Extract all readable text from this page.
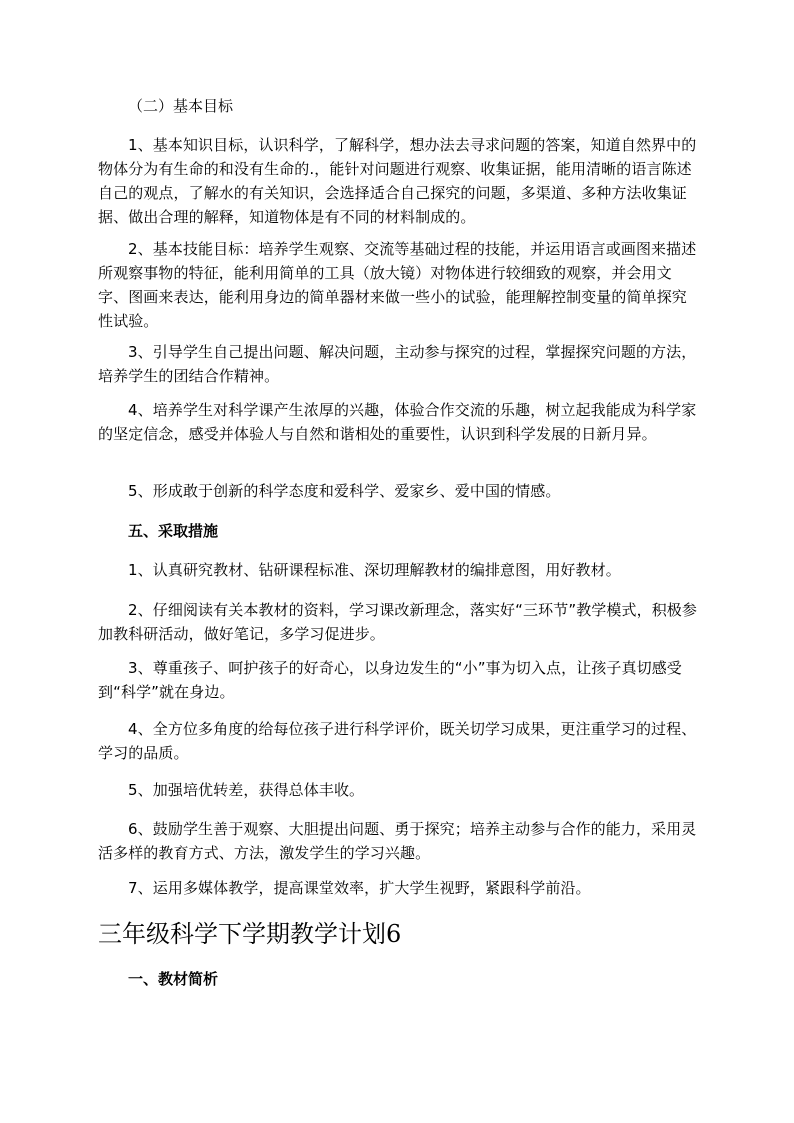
（二）基本目标

1、基本知识目标，认识科学，了解科学，想办法去寻求问题的答案，知道自然界中的物体分为有生命的和没有生命的.，能针对问题进行观察、收集证据，能用清晰的语言陈述自己的观点，了解水的有关知识，会选择适合自己探究的问题，多渠道、多种方法收集证据、做出合理的解释，知道物体是有不同的材料制成的。

2、基本技能目标：培养学生观察、交流等基础过程的技能，并运用语言或画图来描述所观察事物的特征，能利用简单的工具（放大镜）对物体进行较细致的观察，并会用文字、图画来表达，能利用身边的简单器材来做一些小的试验，能理解控制变量的简单探究性试验。

3、引导学生自己提出问题、解决问题，主动参与探究的过程，掌握探究问题的方法，培养学生的团结合作精神。

4、培养学生对科学课产生浓厚的兴趣，体验合作交流的乐趣，树立起我能成为科学家的坚定信念，感受并体验人与自然和谐相处的重要性，认识到科学发展的日新月异。

5、形成敢于创新的科学态度和爱科学、爱家乡、爱中国的情感。

五、采取措施

1、认真研究教材、钻研课程标准、深切理解教材的编排意图，用好教材。

2、仔细阅读有关本教材的资料，学习课改新理念，落实好“三环节”教学模式，积极参加教科研活动，做好笔记，多学习促进步。

3、尊重孩子、呵护孩子的好奇心，以身边发生的“小”事为切入点，让孩子真切感受到“科学”就在身边。

4、全方位多角度的给每位孩子进行科学评价，既关切学习成果，更注重学习的过程、学习的品质。

5、加强培优转差，获得总体丰收。

6、鼓励学生善于观察、大胆提出问题、勇于探究；培养主动参与合作的能力，采用灵活多样的教育方式、方法，激发学生的学习兴趣。

7、运用多媒体教学，提高课堂效率，扩大学生视野，紧跟科学前沿。

三年级科学下学期教学计划6

一、教材简析
